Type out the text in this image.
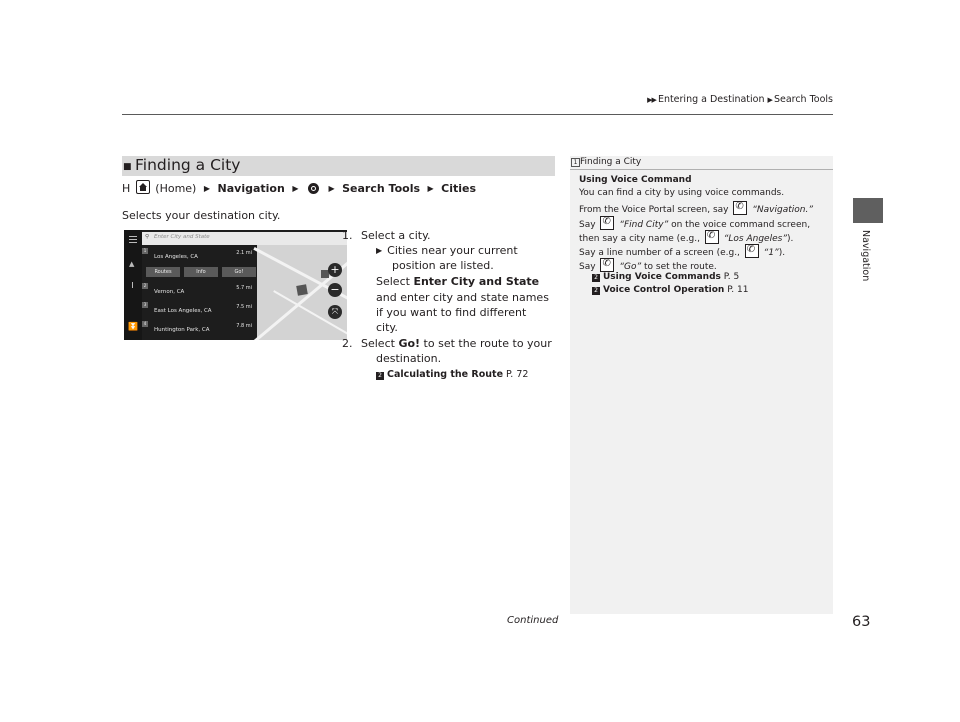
▶▶ Entering a Destination ▶ Search Tools
Navigation
■ Finding a City
H (Home) ▶ Navigation ▶	▶ Search Tools ▶ Cities
Selects your destination city.
▲
⏬
⚲ Enter City and State
1
Los Angeles, CA
2.1 mi
Routes	Info	Go!
2
Vernon, CA
5.7 mi
3
East Los Angeles, CA
7.5 mi
4
Huntington Park, CA
7.8 mi
+
−
⤧
1. Select a city.
▶ Cities near your current
position are listed.
Select Enter City and State
and enter city and state names
if you want to find different
city.
2. Select Go! to set the route to your
destination.
2 Calculating the Route P. 72
1 Finding a City
Using Voice Command
You can find a city by using voice commands.
From the Voice Portal screen, say ✆	“Navigation.”
Say ✆	“Find City” on the voice command screen,
then say a city name (e.g., ✆	“Los Angeles”).
Say a line number of a screen (e.g., ✆	“1”).
Say ✆	“Go” to set the route.
2 Using Voice Commands P. 5
2 Voice Control Operation P. 11
Continued	63
